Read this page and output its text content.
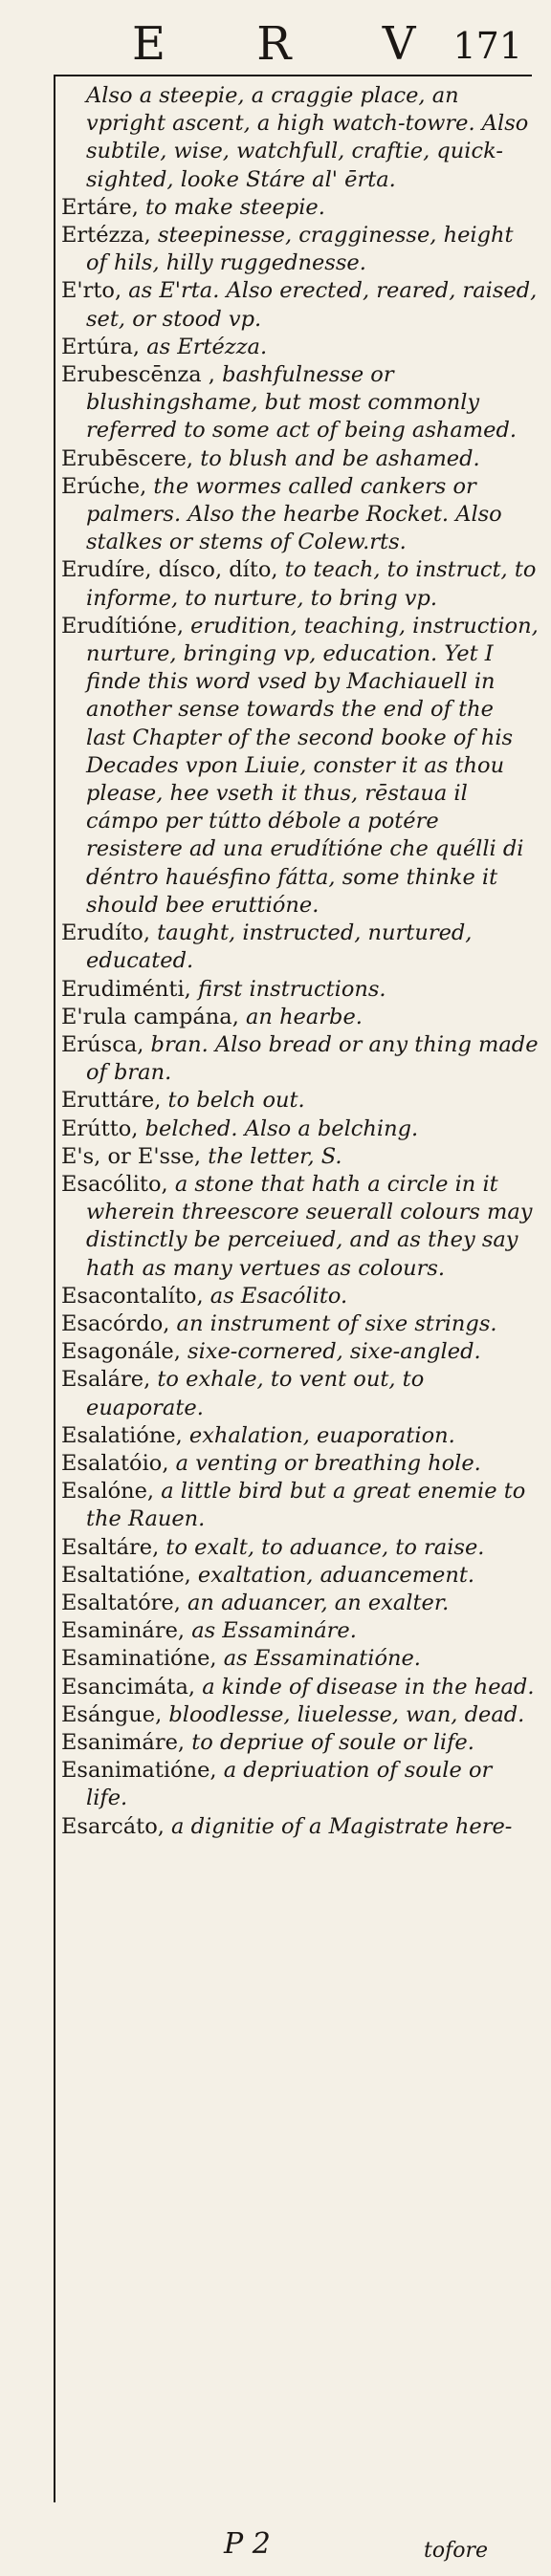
E R V 171

Also a steepie, a craggie place, an vpright ascent, a high watch-towre. Also subtile, wise, watchfull, craftie, quick-sighted, looke Stáre al' ērta.

Ertáre, to make steepie.

Ertézza, steepinesse, cragginesse, height of hils, hilly ruggednesse.

E'rto, as E'rta. Also erected, reared, raised, set, or stood vp.

Ertúra, as Ertézza.

Erubescēnza , bashfulnesse or blushingshame, but most commonly referred to some act of being ashamed.

Erubēscere, to blush and be ashamed.

Erúche, the wormes called cankers or palmers. Also the hearbe Rocket. Also stalkes or stems of Colew.rts.

Erudíre, dísco, díto, to teach, to instruct, to informe, to nurture, to bring vp.

Erudítióne, erudition, teaching, instruction, nurture, bringing vp, education. Yet I finde this word vsed by Machiauell in another sense towards the end of the last Chapter of the second booke of his Decades vpon Liuie, conster it as thou please, hee vseth it thus, rēstaua il cámpo per tútto débole a potére resistere ad una erudítióne che quélli di déntro hauésfino fátta, some thinke it should bee eruttióne.

Erudíto, taught, instructed, nurtured, educated.

Erudiménti, first instructions.

E'rula campána, an hearbe.

Erúsca, bran. Also bread or any thing made of bran.

Eruttáre, to belch out.

Erútto, belched. Also a belching.

E's, or E'sse, the letter, S.

Esacólito, a stone that hath a circle in it wherein threescore seuerall colours may distinctly be perceiued, and as they say hath as many vertues as colours.

Esacontalíto, as Esacólito.

Esacórdo, an instrument of sixe strings.

Esagonále, sixe-cornered, sixe-angled.

Esaláre, to exhale, to vent out, to euaporate.

Esalatióne, exhalation, euaporation.

Esalatóio, a venting or breathing hole.

Esalóne, a little bird but a great enemie to the Rauen.

Esaltáre, to exalt, to aduance, to raise.

Esaltatióne, exaltation, aduancement.

Esaltatóre, an aduancer, an exalter.

Esamináre, as Essamináre.

Esaminatióne, as Essaminatióne.

Esancimáta, a kinde of disease in the head.

Esángue, bloodlesse, liuelesse, wan, dead.

Esanimáre, to depriue of soule or life.

Esanimatióne, a depriuation of soule or life.

Esarcáto, a dignitie of a Magistrate here-

P 2	tofore
